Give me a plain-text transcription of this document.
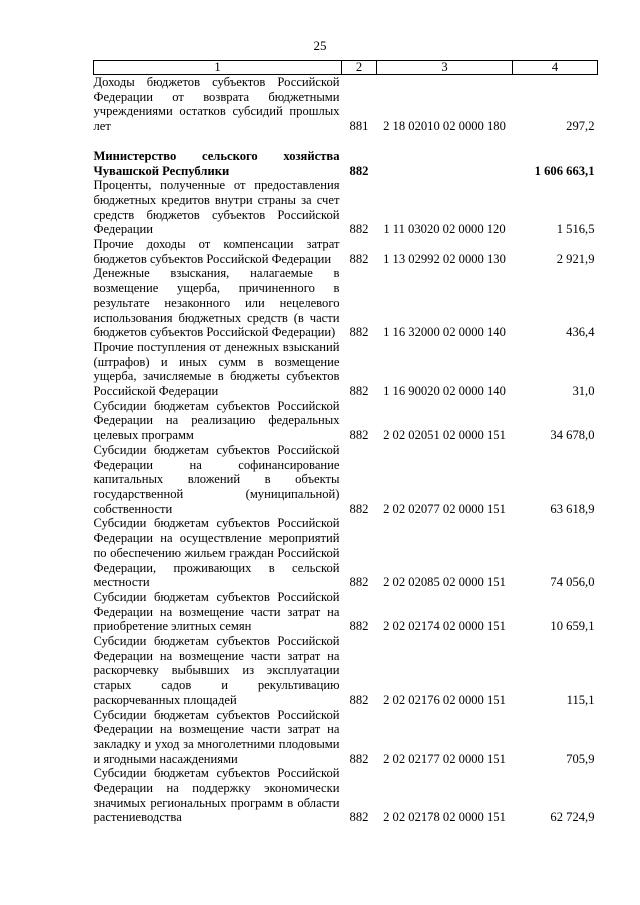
25
1	2	3	4
Доходы бюджетов субъектов Российской Федерации от возврата бюджетными учреждениями остатков субсидий прошлых лет	881	2 18 02010 02 0000 180	297,2
Министерство сельского хозяйства Чувашской Республики	882		1 606 663,1
Проценты, полученные от предоставления бюджетных кредитов внутри страны за счет средств бюджетов субъектов Российской Федерации	882	1 11 03020 02 0000 120	1 516,5
Прочие доходы от компенсации затрат бюджетов субъектов Российской Федерации	882	1 13 02992 02 0000 130	2 921,9
Денежные взыскания, налагаемые в возмещение ущерба, причиненного в результате незаконного или нецелевого использования бюджетных средств (в части бюджетов субъектов Российской Федерации)	882	1 16 32000 02 0000 140	436,4
Прочие поступления от денежных взысканий (штрафов) и иных сумм в возмещение ущерба, зачисляемые в бюджеты субъектов Российской Федерации	882	1 16 90020 02 0000 140	31,0
Субсидии бюджетам субъектов Российской Федерации на реализацию федеральных целевых программ	882	2 02 02051 02 0000 151	34 678,0
Субсидии бюджетам субъектов Российской Федерации на софинансирование капитальных вложений в объекты государственной (муниципальной) собственности	882	2 02 02077 02 0000 151	63 618,9
Субсидии бюджетам субъектов Российской Федерации на осуществление мероприятий по обеспечению жильем граждан Российской Федерации, проживающих в сельской местности	882	2 02 02085 02 0000 151	74 056,0
Субсидии бюджетам субъектов Российской Федерации на возмещение части затрат на приобретение элитных семян	882	2 02 02174 02 0000 151	10 659,1
Субсидии бюджетам субъектов Российской Федерации на возмещение части затрат на раскорчевку выбывших из эксплуатации старых садов и рекультивацию раскорчеванных площадей	882	2 02 02176 02 0000 151	115,1
Субсидии бюджетам субъектов Российской Федерации на возмещение части затрат на закладку и уход за многолетними плодовыми и ягодными насаждениями	882	2 02 02177 02 0000 151	705,9
Субсидии бюджетам субъектов Российской Федерации на поддержку экономически значимых региональных программ в области растениеводства	882	2 02 02178 02 0000 151	62 724,9
